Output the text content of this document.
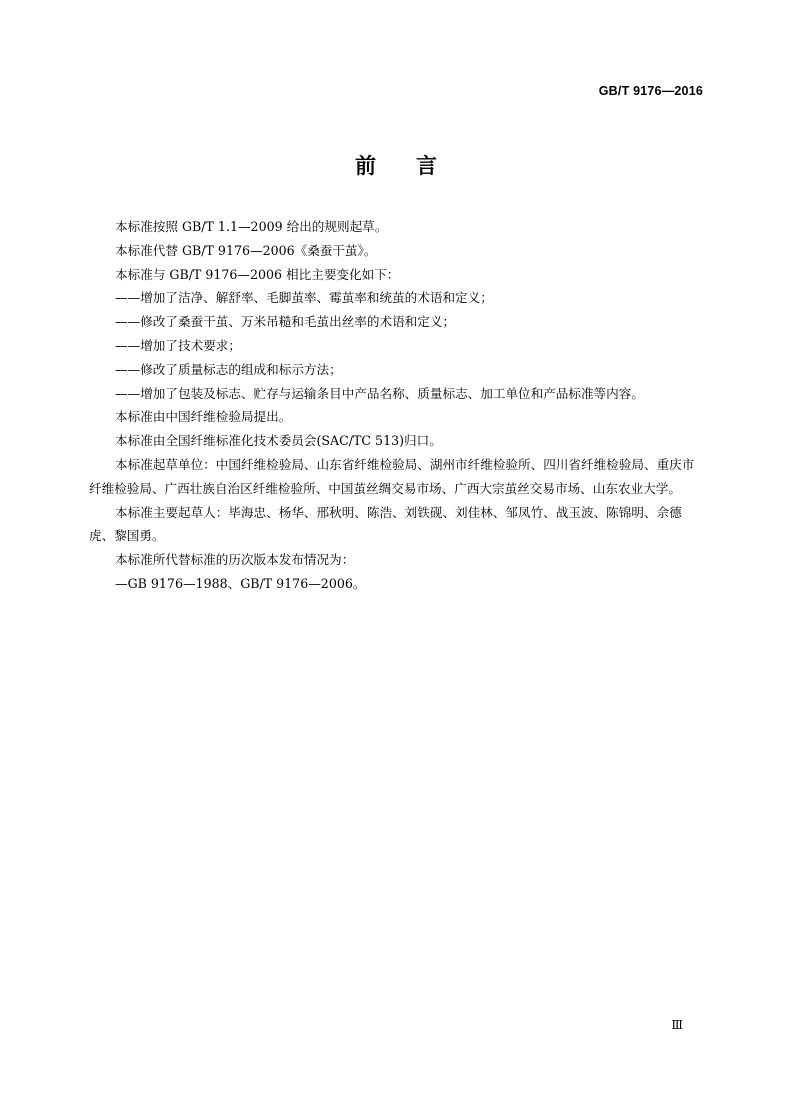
GB/T 9176—2016
前言

本标准按照 GB/T 1.1—2009 给出的规则起草。

本标准代替 GB/T 9176—2006《桑蚕干茧》。

本标准与 GB/T 9176—2006 相比主要变化如下：

——增加了洁净、解舒率、毛脚茧率、霉茧率和统茧的术语和定义；

——修改了桑蚕干茧、万米吊糙和毛茧出丝率的术语和定义；

——增加了技术要求；

——修改了质量标志的组成和标示方法；

——增加了包装及标志、贮存与运输条目中产品名称、质量标志、加工单位和产品标准等内容。

本标准由中国纤维检验局提出。

本标准由全国纤维标准化技术委员会(SAC/TC 513)归口。

本标准起草单位：中国纤维检验局、山东省纤维检验局、湖州市纤维检验所、四川省纤维检验局、重庆市纤维检验局、广西壮族自治区纤维检验所、中国茧丝绸交易市场、广西大宗茧丝交易市场、山东农业大学。

本标准主要起草人：毕海忠、杨华、邢秋明、陈浩、刘铁砚、刘佳林、邹凤竹、战玉波、陈锦明、佘德虎、黎国勇。

本标准所代替标准的历次版本发布情况为：

—GB 9176—1988、GB/T 9176—2006。

Ⅲ
